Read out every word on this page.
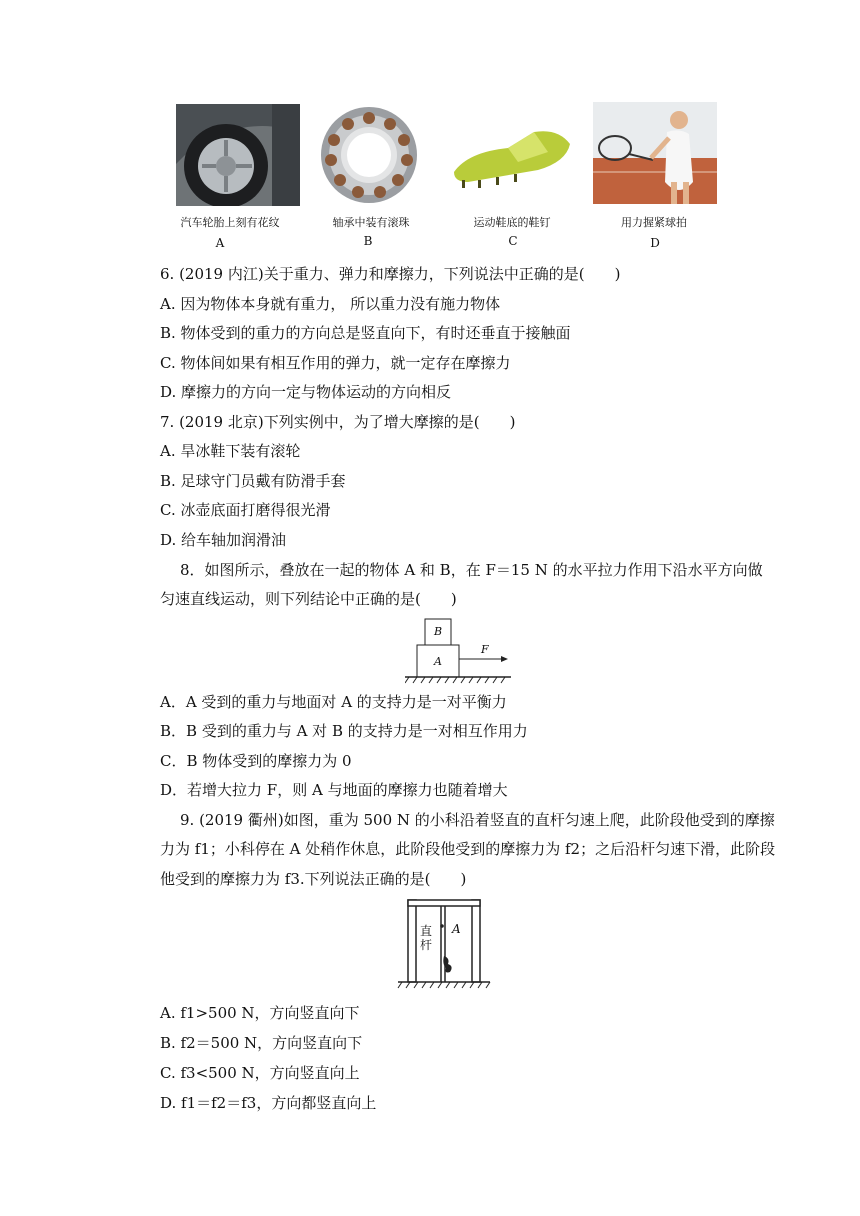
汽车轮胎上刻有花纹	轴承中装有滚珠	运动鞋底的鞋钉	用力握紧球拍
A	B	C	D
6. (2019 内江)关于重力、弹力和摩擦力，下列说法中正确的是(　　)
A. 因为物体本身就有重力， 所以重力没有施力物体
B. 物体受到的重力的方向总是竖直向下，有时还垂直于接触面
C. 物体间如果有相互作用的弹力，就一定存在摩擦力
D. 摩擦力的方向一定与物体运动的方向相反
7. (2019 北京)下列实例中，为了增大摩擦的是(　　)
A. 旱冰鞋下装有滚轮
B. 足球守门员戴有防滑手套
C. 冰壶底面打磨得很光滑
D. 给车轴加润滑油
8．如图所示，叠放在一起的物体 A 和 B，在 F＝15 N 的水平拉力作用下沿水平方向做
匀速直线运动，则下列结论中正确的是(　　)
B
A
F
A．A 受到的重力与地面对 A 的支持力是一对平衡力
B．B 受到的重力与 A 对 B 的支持力是一对相互作用力
C．B 物体受到的摩擦力为 0
D．若增大拉力 F，则 A 与地面的摩擦力也随着增大
9. (2019 衢州)如图，重为 500 N 的小科沿着竖直的直杆匀速上爬，此阶段他受到的摩擦
力为 f1；小科停在 A 处稍作休息，此阶段他受到的摩擦力为 f2；之后沿杆匀速下滑，此阶段
他受到的摩擦力为 f3.下列说法正确的是(　　)
直杆
A
A. f1>500 N，方向竖直向下
B. f2＝500 N，方向竖直向下
C. f3<500 N，方向竖直向上
D. f1＝f2＝f3，方向都竖直向上
